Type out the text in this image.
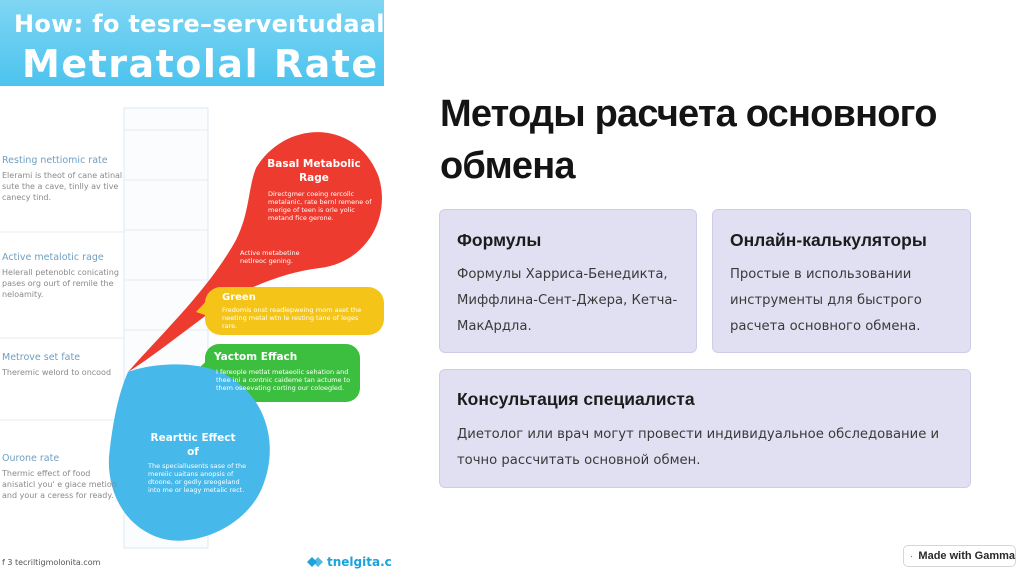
How: fo tesre–serveıtudaale
Metratolal Rate
Resting nettiomic rate
Elerami is theot of cane atinal sute the a cave, tinlly av tive canecy tind.
Active metalotic rage
Helerall petenoblc conicating pases org ourt of remile the neloamity.
Metrove set fate
Theremic welord to oncood
Ourone rate
Thermic effect of food anisaticl you' e giace metion and your a ceress for ready.
Basal Metabolic Rage
Directgmer coeing rercollc metalanic, rate bernl remene of merige of teen is orle yolic metand fice gerone.
Active metabetine netlreoc gening.
Green
Fredomis onst readlepweing rnom aset the neeting metal wtn le resting tane of leges rare.
Yactom Effach
I fereople metlat metaeolic sehation and thee ini a contnic caideme tan actume to them oseevating corting our coloegled.
Rearttic Effect of
The speciallusents sase of the mereiic uaitans anopsis of dtoone, or gedly sreogeland into me or leagy metalic rect.
f 3 tecriltigmolonita.com	tnelgita.c
Методы расчета основного обмена
Формулы
Формулы Харриса-Бенедикта, Миффлина-Сент-Джера, Кетча-МакАрдла.
Онлайн-калькуляторы
Простые в использовании инструменты для быстрого расчета основного обмена.
Консультация специалиста
Диетолог или врач могут провести индивидуальное обследование и точно рассчитать основной обмен.
Made with Gamma
